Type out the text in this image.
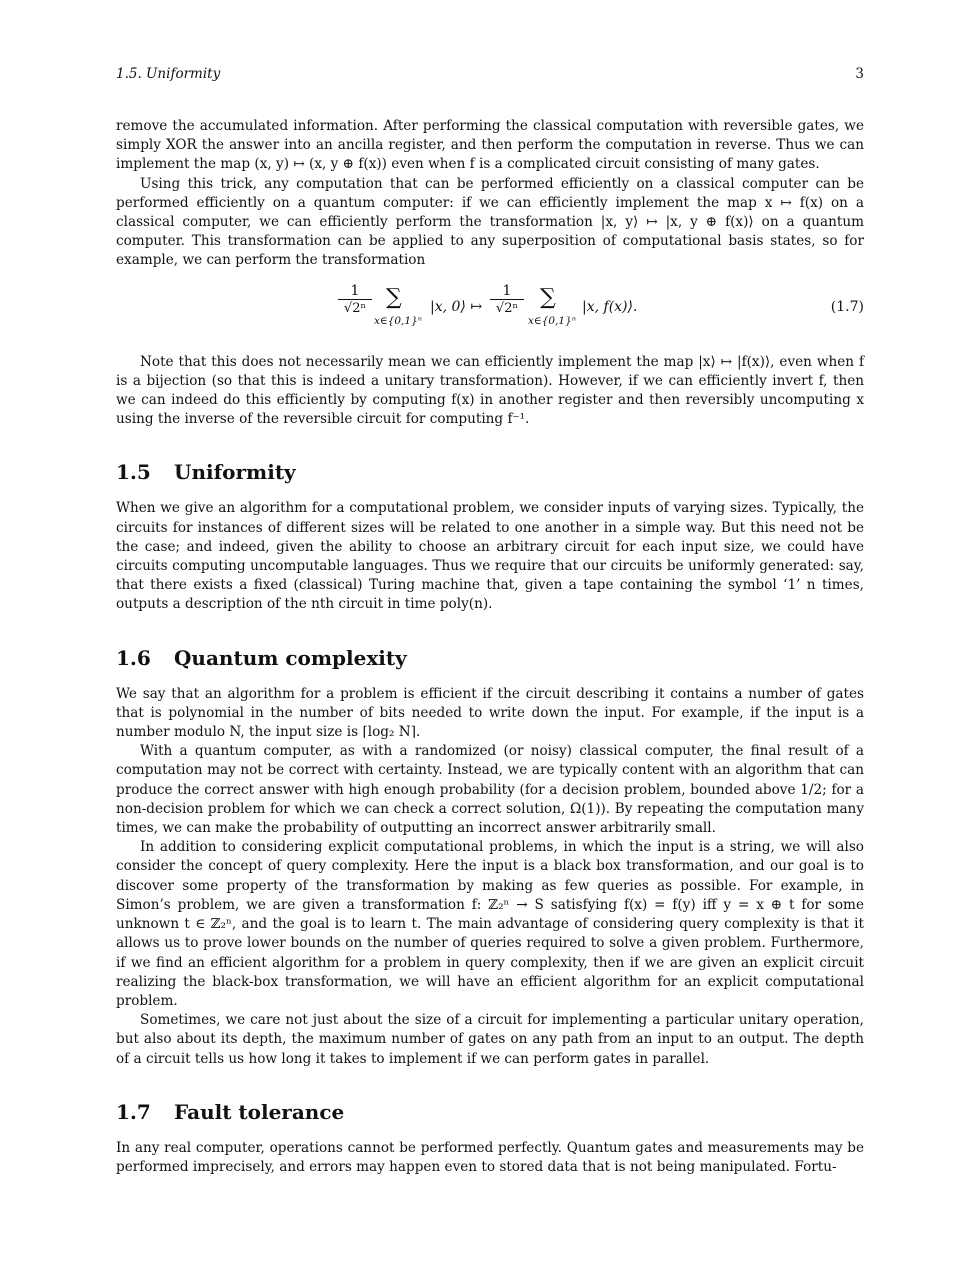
1.5. Uniformity	3

remove the accumulated information. After performing the classical computation with reversible gates, we simply XOR the answer into an ancilla register, and then perform the computation in reverse. Thus we can implement the map (x, y) ↦ (x, y ⊕ f(x)) even when f is a complicated circuit consisting of many gates.

Using this trick, any computation that can be performed efficiently on a classical computer can be performed efficiently on a quantum computer: if we can efficiently implement the map x ↦ f(x) on a classical computer, we can efficiently perform the transformation |x, y⟩ ↦ |x, y ⊕ f(x)⟩ on a quantum computer. This transformation can be applied to any superposition of computational basis states, so for example, we can perform the transformation

$\frac{1}{\text{√2ⁿ}}$ ∑
x∈{0,1}ⁿ
|x, 0⟩ ↦ $\frac{1}{\text{√2ⁿ}}$ ∑
x∈{0,1}ⁿ
|x, f(x)⟩.	(1.7)

Note that this does not necessarily mean we can efficiently implement the map |x⟩ ↦ |f(x)⟩, even when f is a bijection (so that this is indeed a unitary transformation). However, if we can efficiently invert f, then we can indeed do this efficiently by computing f(x) in another register and then reversibly uncomputing x using the inverse of the reversible circuit for computing f⁻¹.

1.5 Uniformity

When we give an algorithm for a computational problem, we consider inputs of varying sizes. Typically, the circuits for instances of different sizes will be related to one another in a simple way. But this need not be the case; and indeed, given the ability to choose an arbitrary circuit for each input size, we could have circuits computing uncomputable languages. Thus we require that our circuits be uniformly generated: say, that there exists a fixed (classical) Turing machine that, given a tape containing the symbol ‘1’ n times, outputs a description of the nth circuit in time poly(n).

1.6 Quantum complexity

We say that an algorithm for a problem is efficient if the circuit describing it contains a number of gates that is polynomial in the number of bits needed to write down the input. For example, if the input is a number modulo N, the input size is ⌈log₂ N⌉.

With a quantum computer, as with a randomized (or noisy) classical computer, the final result of a computation may not be correct with certainty. Instead, we are typically content with an algorithm that can produce the correct answer with high enough probability (for a decision problem, bounded above 1/2; for a non-decision problem for which we can check a correct solution, Ω(1)). By repeating the computation many times, we can make the probability of outputting an incorrect answer arbitrarily small.

In addition to considering explicit computational problems, in which the input is a string, we will also consider the concept of query complexity. Here the input is a black box transformation, and our goal is to discover some property of the transformation by making as few queries as possible. For example, in Simon’s problem, we are given a transformation f: ℤ₂ⁿ → S satisfying f(x) = f(y) iff y = x ⊕ t for some unknown t ∈ ℤ₂ⁿ, and the goal is to learn t. The main advantage of considering query complexity is that it allows us to prove lower bounds on the number of queries required to solve a given problem. Furthermore, if we find an efficient algorithm for a problem in query complexity, then if we are given an explicit circuit realizing the black-box transformation, we will have an efficient algorithm for an explicit computational problem.

Sometimes, we care not just about the size of a circuit for implementing a particular unitary operation, but also about its depth, the maximum number of gates on any path from an input to an output. The depth of a circuit tells us how long it takes to implement if we can perform gates in parallel.

1.7 Fault tolerance

In any real computer, operations cannot be performed perfectly. Quantum gates and measurements may be performed imprecisely, and errors may happen even to stored data that is not being manipulated. Fortu-
